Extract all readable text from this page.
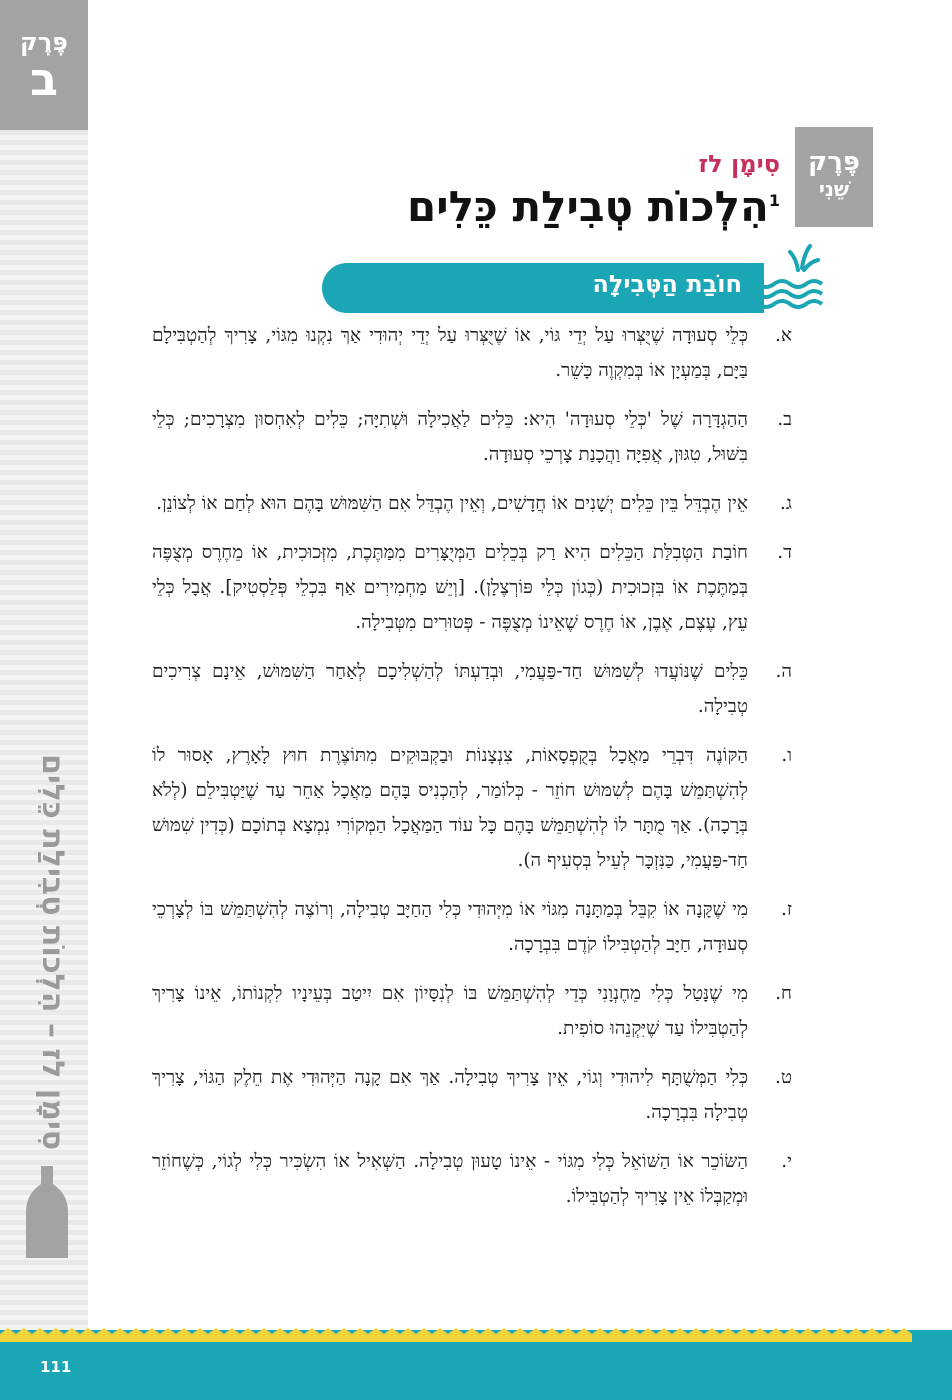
פֶּרֶק
ב
סִימָן לז – הִלְכוֹת טְבִילַת כֵּלִים
פֶּרֶק
שֵׁנִי
סִימָן לז
$^1$הִלְכוֹת טְבִילַת כֵּלִים
חוֹבַת הַטְּבִילָה
א.
כְּלֵי סְעוּדָה שֶׁיֻּצְּרוּ עַל יְדֵי גּוֹי, אוֹ שֶׁיֻּצְּרוּ עַל יְדֵי יְהוּדִי אַךְ נִקְנוּ מִגּוֹי, צָרִיךְ לְהַטְבִּילָם בַּיָּם, בְּמַעְיָן אוֹ בְּמִקְוֶה כָּשֵׁר.
ב.
הַהַגְדָּרָה שֶׁל 'כְּלֵי סְעוּדָה' הִיא: כֵּלִים לַאֲכִילָה וּשְׁתִיָּה; כֵּלִים לְאִחְסוּן מִצְרָכִים; כְּלֵי בִּשּׁוּל, טִגּוּן, אֲפִיָּה וַהֲכָנַת צָרְכֵי סְעוּדָה.
ג.
אֵין הֶבְדֵּל בֵּין כֵּלִים יְשָׁנִים אוֹ חֲדָשִׁים, וְאֵין הֶבְדֵּל אִם הַשִּׁמּוּשׁ בָּהֶם הוּא לְחַם אוֹ לְצוֹנֵן.
ד.
חוֹבַת הַטְּבִלַּת הַכֵּלִים הִיא רַק בְּכֵלִים הַמְּיֻצָּרִים מִמַּתֶּכֶת, מִזְּכוּכִית, אוֹ מֵחֶרֶס מְצֻפֶּה בְּמַתֶּכֶת אוֹ בִּזְכוּכִית (כְּגוֹן כְּלֵי פּוֹרְצֶלָן). [וְיֵשׁ מַחְמִירִים אַף בִּכְלֵי פְּלַסְטִיק]. אֲבָל כְּלֵי עֵץ, עֶצֶם, אֶבֶן, אוֹ חֶרֶס שֶׁאֵינוֹ מְצֻפֶּה - פְּטוּרִים מִטְּבִילָה.
ה.
כֵּלִים שֶׁנּוֹעֲדוּ לְשִׁמּוּשׁ חַד-פַּעֲמִי, וּבְדַעְתּוֹ לְהַשְׁלִיכָם לְאַחַר הַשִּׁמּוּשׁ, אֵינָם צְרִיכִים טְבִילָה.
ו.
הַקּוֹנֶה דִּבְרֵי מַאֲכָל בְּקֻפְסָאוֹת, צִנְצָנוֹת וּבַקְבּוּקִים מִתּוֹצֶרֶת חוּץ לָאָרֶץ, אָסוּר לוֹ לְהִשְׁתַּמֵּשׁ בָּהֶם לְשִׁמּוּשׁ חוֹזֵר - כְּלוֹמַר, לְהַכְנִיס בָּהֶם מַאֲכָל אַחֵר עַד שֶׁיַּטְבִּילֵם (לְלֹא בְּרָכָה). אַךְ מֻתָּר לוֹ לְהִשְׁתַּמֵּשׁ בָּהֶם כָּל עוֹד הַמַּאֲכָל הַמְּקוֹרִי נִמְצָא בְּתוֹכָם (כְּדִין שִׁמּוּשׁ חַד-פַּעֲמִי, כַּנִּזְכָּר לְעֵיל בְּסְעִיף ה).
ז.
מִי שֶׁקָּנָה אוֹ קִבֵּל בְּמַתָּנָה מִגּוֹי אוֹ מִיְּהוּדִי כְּלִי הַחַיָּב טְבִילָה, וְרוֹצֶה לְהִשְׁתַּמֵּשׁ בּוֹ לְצָרְכֵי סְעוּדָה, חַיָּב לְהַטְבִּילוֹ קֹדֶם בִּבְרָכָה.
ח.
מִי שֶׁנָּטַל כְּלִי מֵחֶנְוָנִי כְּדֵי לְהִשְׁתַּמֵּשׁ בּוֹ לְנִסָּיוֹן אִם יִיטַב בְּעֵינָיו לִקְנוֹתוֹ, אֵינוֹ צָרִיךְ לְהַטְבִּילוֹ עַד שֶׁיִּקְנֵהוּ סוֹפִית.
ט.
כְּלִי הַמְּשֻׁתָּף לִיהוּדִי וְגוֹי, אֵין צָרִיךְ טְבִילָה. אַךְ אִם קָנָה הַיְּהוּדִי אֶת חֵלֶק הַגּוֹי, צָרִיךְ טְבִילָה בִּבְרָכָה.
י.
הַשּׂוֹכֵר אוֹ הַשּׁוֹאֵל כְּלִי מִגּוֹי - אֵינוֹ טָעוּן טְבִילָה. הַשְּׁאִיל אוֹ הִשְׂכִּיר כְּלִי לְגוֹי, כְּשֶׁחוֹזֵר וּמְקַבְּלוֹ אֵין צָרִיךְ לְהַטְבִּילוֹ.
111
